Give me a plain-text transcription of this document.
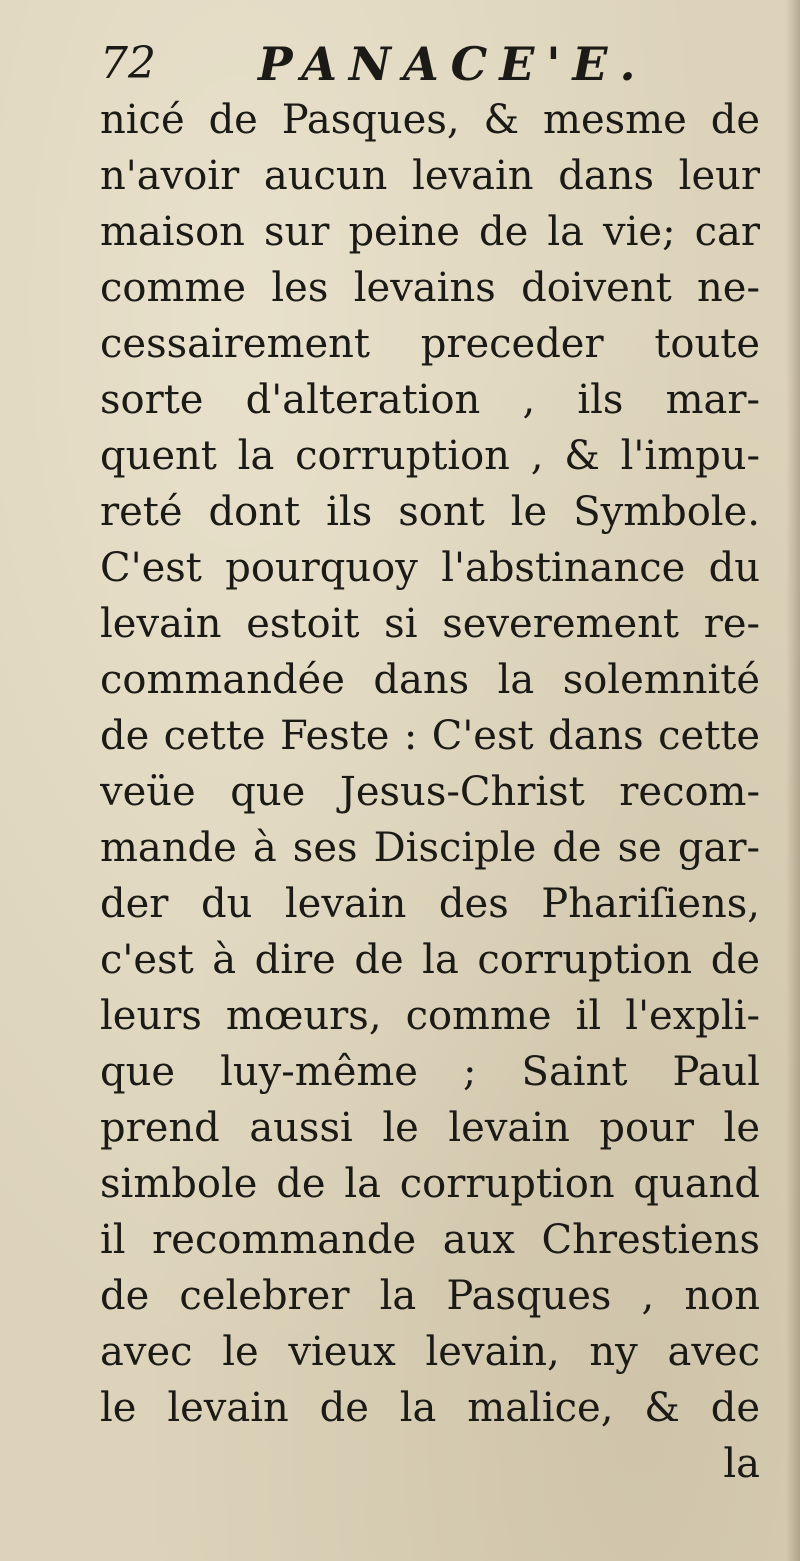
72 PANACE'E.
nicé de Pasques, & mesme de
n'avoir aucun levain dans leur
maison sur peine de la vie; car
comme les levains doivent ne-
cessairement preceder toute
sorte d'alteration , ils mar-
quent la corruption , & l'impu-
reté dont ils sont le Symbole.
C'est pourquoy l'abstinance du
levain estoit si severement re-
commandée dans la solemnité
de cette Feste : C'est dans cette
veüe que Jesus-Christ recom-
mande à ses Disciple de se gar-
der du levain des Phariſiens,
c'est à dire de la corruption de
leurs mœurs, comme il l'expli-
que luy-même ; Saint Paul
prend aussi le levain pour le
simbole de la corruption quand
il recommande aux Chrestiens
de celebrer la Pasques , non
avec le vieux levain, ny avec
le levain de la malice, & de
la
